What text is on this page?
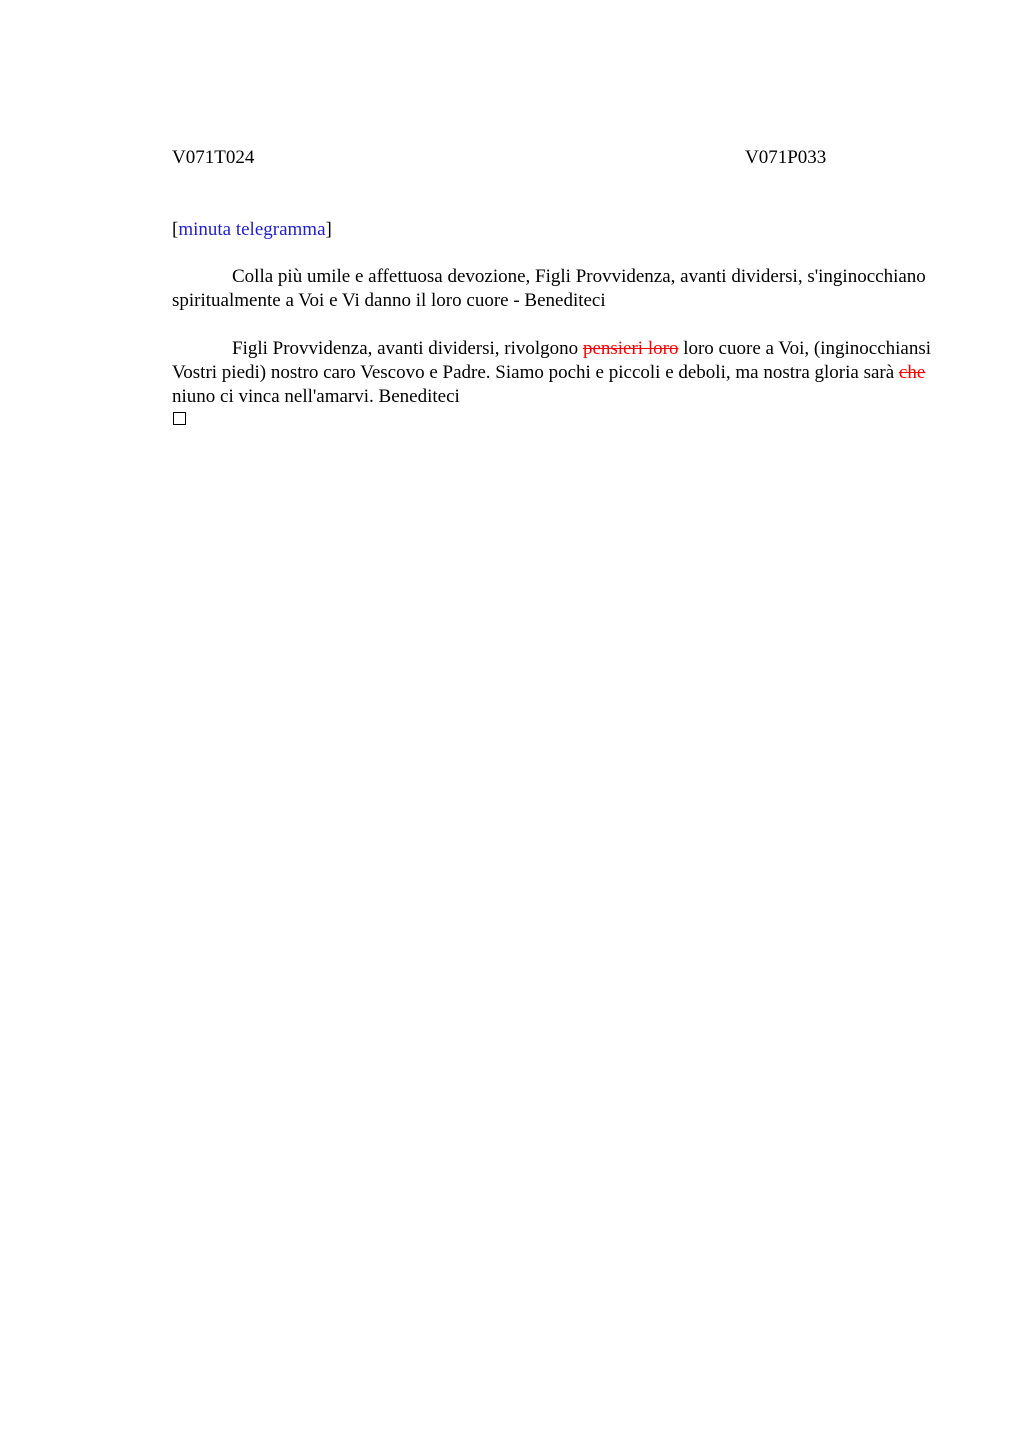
V071T024	V071P033
[minuta telegramma]

Colla più umile e affettuosa devozione, Figli Provvidenza, avanti dividersi, s'inginocchiano spiritualmente a Voi e Vi danno il loro cuore - Benediteci

Figli Provvidenza, avanti dividersi, rivolgono pensieri loro loro cuore a Voi, (inginocchiansi Vostri piedi) nostro caro Vescovo e Padre. Siamo pochi e piccoli e deboli, ma nostra gloria sarà che niuno ci vinca nell'amarvi. Benediteci
